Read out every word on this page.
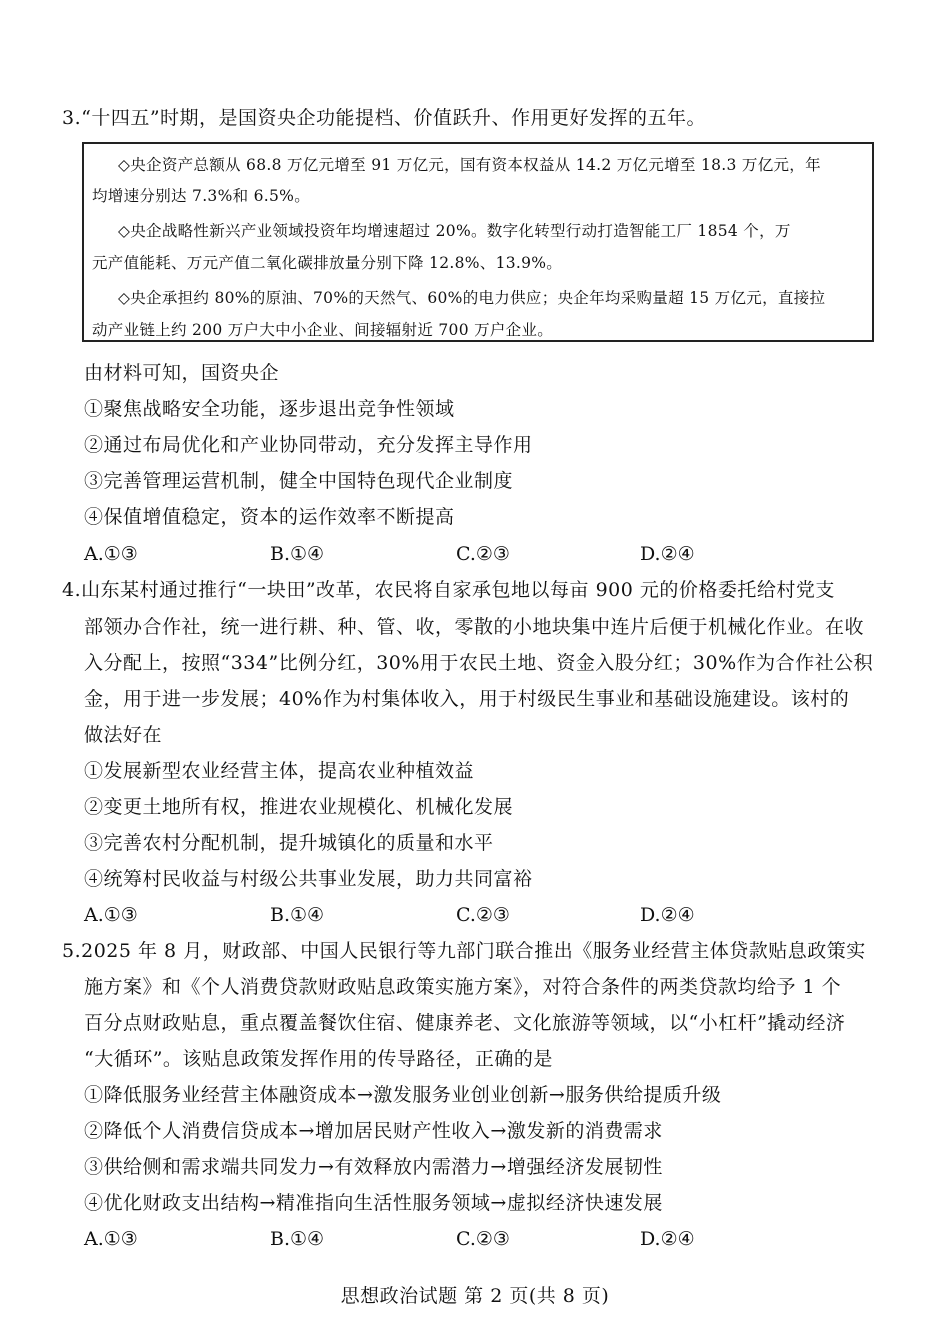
3.“十四五”时期，是国资央企功能提档、价值跃升、作用更好发挥的五年。
◇央企资产总额从 68.8 万亿元增至 91 万亿元，国有资本权益从 14.2 万亿元增至 18.3 万亿元，年
均增速分别达 7.3%和 6.5%。
◇央企战略性新兴产业领域投资年均增速超过 20%。数字化转型行动打造智能工厂 1854 个，万
元产值能耗、万元产值二氧化碳排放量分别下降 12.8%、13.9%。
◇央企承担约 80%的原油、70%的天然气、60%的电力供应；央企年均采购量超 15 万亿元，直接拉
动产业链上约 200 万户大中小企业、间接辐射近 700 万户企业。
由材料可知，国资央企
①聚焦战略安全功能，逐步退出竞争性领域
②通过布局优化和产业协同带动，充分发挥主导作用
③完善管理运营机制，健全中国特色现代企业制度
④保值增值稳定，资本的运作效率不断提高
A.①③	B.①④	C.②③	D.②④
4.山东某村通过推行“一块田”改革，农民将自家承包地以每亩 900 元的价格委托给村党支
部领办合作社，统一进行耕、种、管、收，零散的小地块集中连片后便于机械化作业。在收
入分配上，按照“334”比例分红，30%用于农民土地、资金入股分红；30%作为合作社公积
金，用于进一步发展；40%作为村集体收入，用于村级民生事业和基础设施建设。该村的
做法好在
①发展新型农业经营主体，提高农业种植效益
②变更土地所有权，推进农业规模化、机械化发展
③完善农村分配机制，提升城镇化的质量和水平
④统筹村民收益与村级公共事业发展，助力共同富裕
A.①③	B.①④	C.②③	D.②④
5.2025 年 8 月，财政部、中国人民银行等九部门联合推出《服务业经营主体贷款贴息政策实
施方案》和《个人消费贷款财政贴息政策实施方案》，对符合条件的两类贷款均给予 1 个
百分点财政贴息，重点覆盖餐饮住宿、健康养老、文化旅游等领域，以“小杠杆”撬动经济
“大循环”。该贴息政策发挥作用的传导路径，正确的是
①降低服务业经营主体融资成本→激发服务业创业创新→服务供给提质升级
②降低个人消费信贷成本→增加居民财产性收入→激发新的消费需求
③供给侧和需求端共同发力→有效释放内需潜力→增强经济发展韧性
④优化财政支出结构→精准指向生活性服务领域→虚拟经济快速发展
A.①③	B.①④	C.②③	D.②④
思想政治试题 第 2 页(共 8 页)
